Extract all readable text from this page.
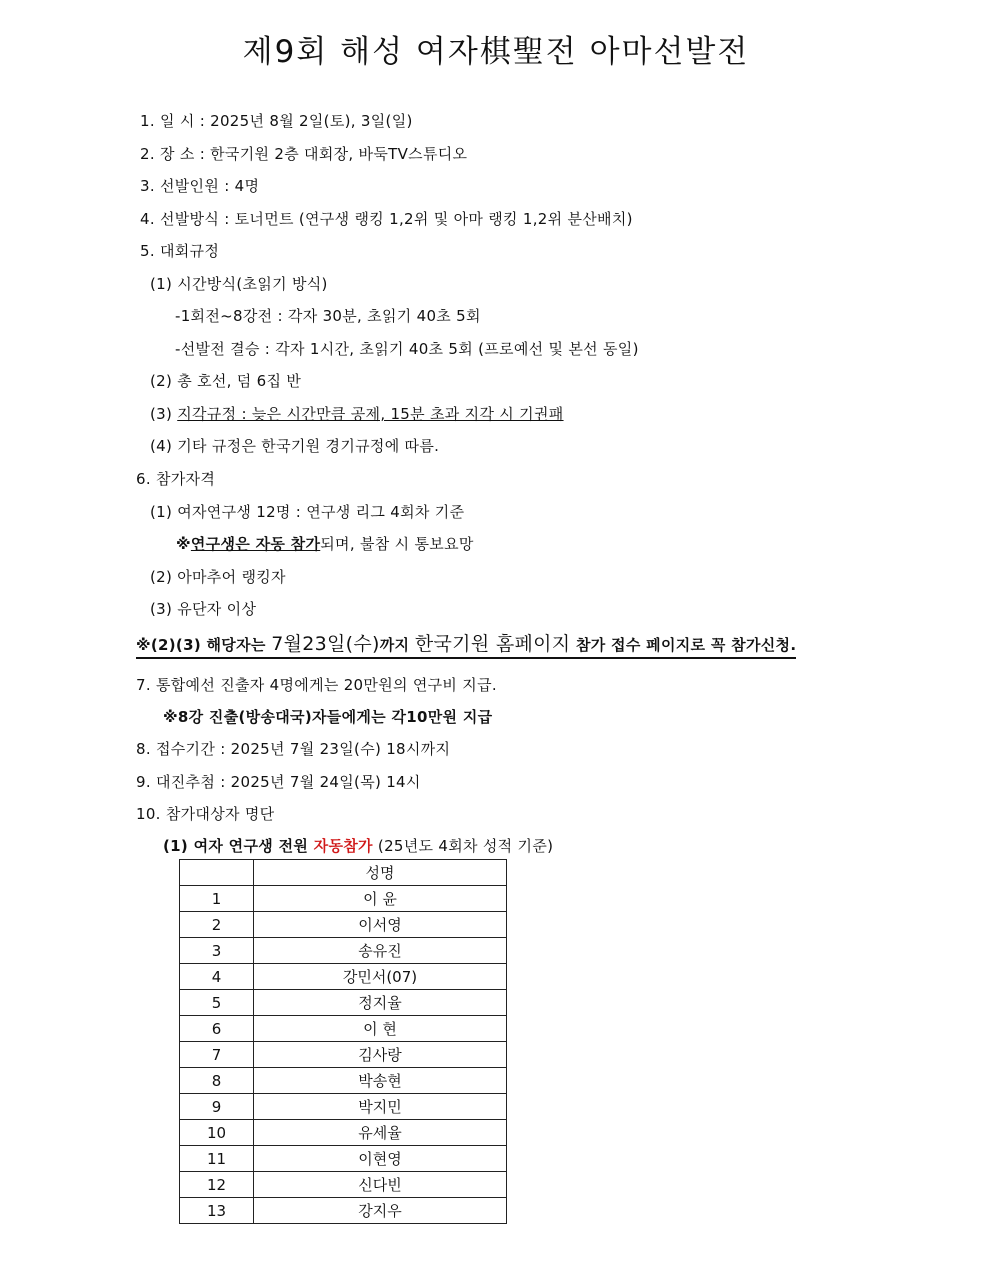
제9회 해성 여자棋聖전 아마선발전
1. 일 시 : 2025년 8월 2일(토), 3일(일)
2. 장 소 : 한국기원 2층 대회장, 바둑TV스튜디오
3. 선발인원 : 4명
4. 선발방식 : 토너먼트 (연구생 랭킹 1,2위 및 아마 랭킹 1,2위 분산배치)
5. 대회규정
(1) 시간방식(초읽기 방식)
-1회전~8강전 : 각자 30분, 초읽기 40초 5회
-선발전 결승 : 각자 1시간, 초읽기 40초 5회 (프로예선 및 본선 동일)
(2) 총 호선, 덤 6집 반
(3) 지각규정 : 늦은 시간만큼 공제, 15분 초과 지각 시 기권패
(4) 기타 규정은 한국기원 경기규정에 따름.
6. 참가자격
(1) 여자연구생 12명 : 연구생 리그 4회차 기준
※연구생은 자동 참가되며, 불참 시 통보요망
(2) 아마추어 랭킹자
(3) 유단자 이상
※(2)(3) 해당자는 7월23일(수)까지 한국기원 홈페이지 참가 접수 페이지로 꼭 참가신청.
7. 통합예선 진출자 4명에게는 20만원의 연구비 지급.
※8강 진출(방송대국)자들에게는 각10만원 지급
8. 접수기간 : 2025년 7월 23일(수) 18시까지
9. 대진추첨 : 2025년 7월 24일(목) 14시
10. 참가대상자 명단
(1) 여자 연구생 전원 자동참가 (25년도 4회차 성적 기준)
	성명
1	이 윤
2	이서영
3	송유진
4	강민서(07)
5	정지율
6	이 현
7	김사랑
8	박송현
9	박지민
10	유세율
11	이현영
12	신다빈
13	강지우
